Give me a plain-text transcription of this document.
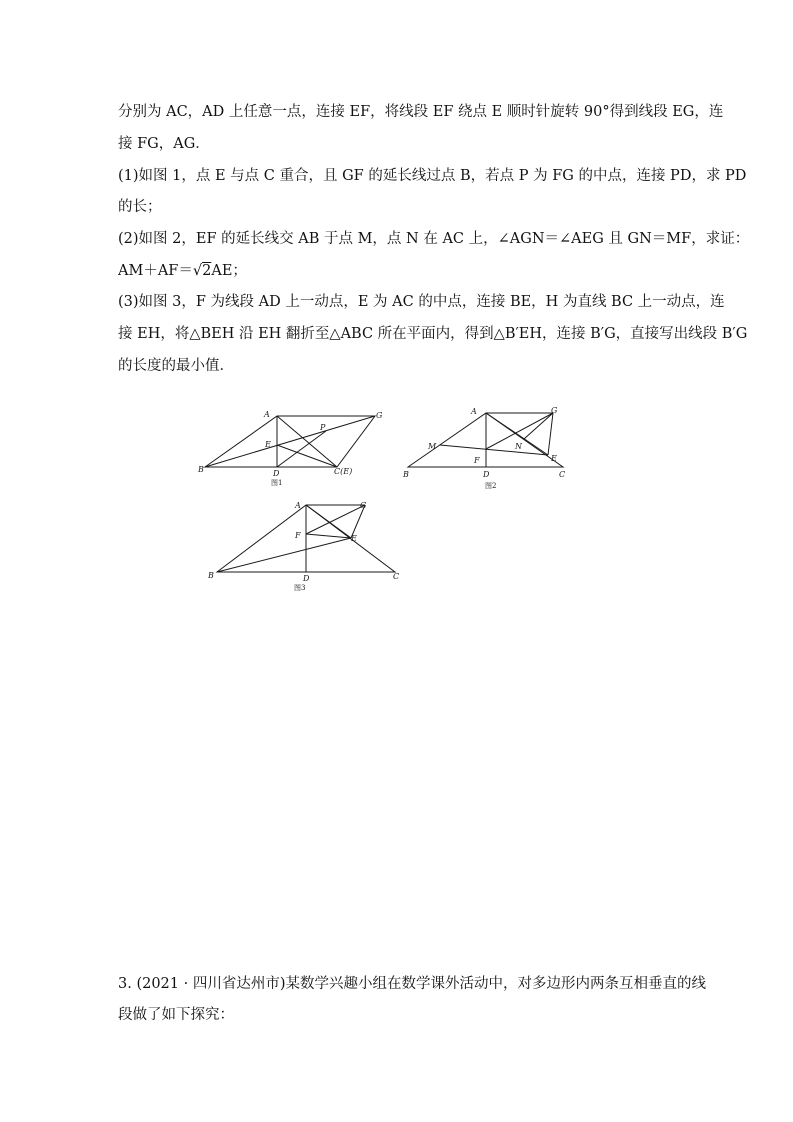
分别为 AC，AD 上任意一点，连接 EF，将线段 EF 绕点 E 顺时针旋转 90°得到线段 EG，连
接 FG，AG．
(1)如图 1，点 E 与点 C 重合，且 GF 的延长线过点 B，若点 P 为 FG 的中点，连接 PD，求 PD
的长；
(2)如图 2，EF 的延长线交 AB 于点 M，点 N 在 AC 上，∠AGN＝∠AEG 且 GN＝MF，求证：
AM＋AF＝√2AE；
(3)如图 3，F 为线段 AD 上一动点，E 为 AC 的中点，连接 BE，H 为直线 BC 上一动点，连
接 EH，将△BEH 沿 EH 翻折至△ABC 所在平面内，得到△B′EH，连接 B′G，直接写出线段 B′G
的长度的最小值．
A	G
E
P
B	D	C(E)
图1
A	G
M	N
F	E
B	D	C
图2
A	G
F	E
B	D	C
图3
3. (2021 · 四川省达州市)某数学兴趣小组在数学课外活动中，对多边形内两条互相垂直的线
段做了如下探究：
